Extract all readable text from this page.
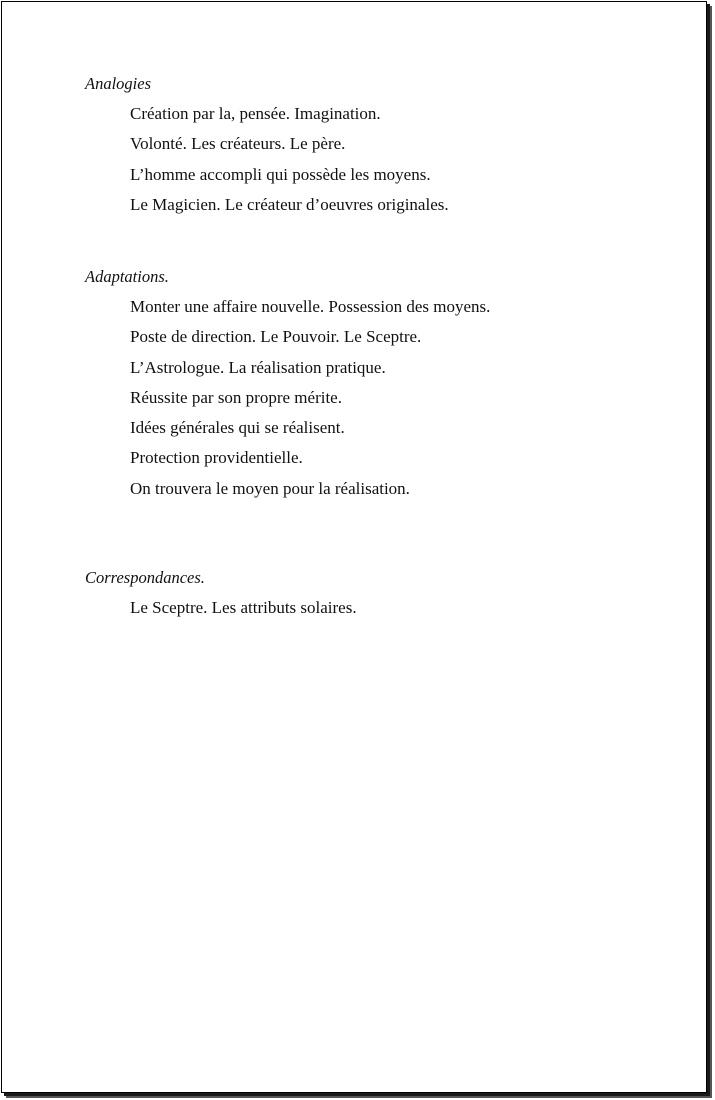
Analogies
Création par la, pensée. Imagination.
Volonté. Les créateurs. Le père.
L’homme accompli qui possède les moyens.
Le Magicien. Le créateur d’oeuvres originales.
Adaptations.
Monter une affaire nouvelle. Possession des moyens.
Poste de direction. Le Pouvoir. Le Sceptre.
L’Astrologue. La réalisation pratique.
Réussite par son propre mérite.
Idées générales qui se réalisent.
Protection providentielle.
On trouvera le moyen pour la réalisation.
Correspondances.
Le Sceptre. Les attributs solaires.
